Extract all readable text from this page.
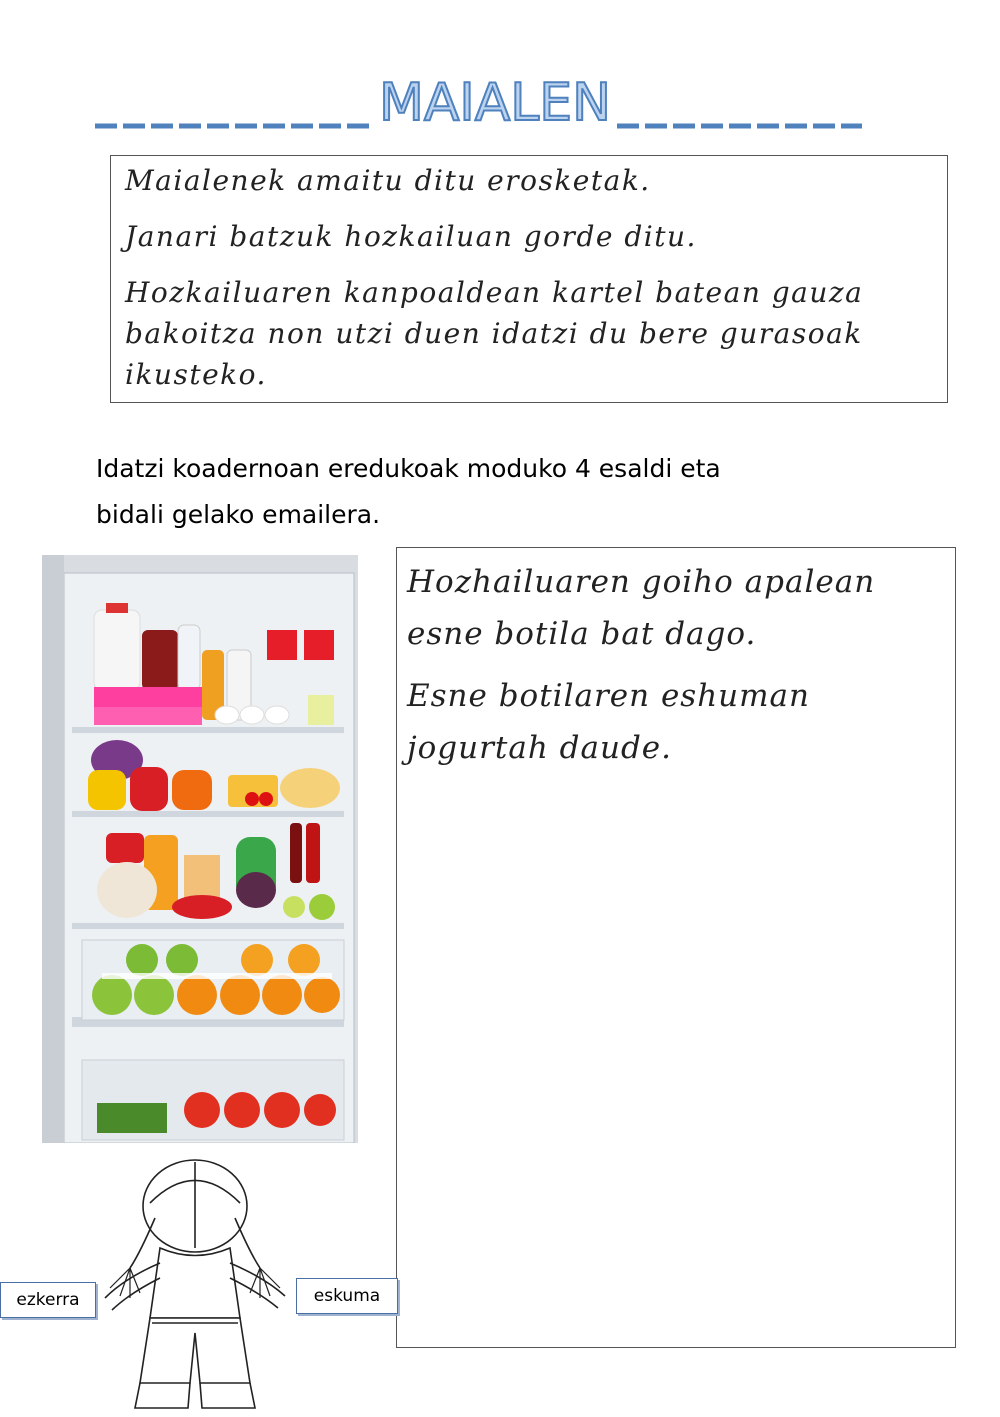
MAIALEN

Maialenek amaitu ditu erosketak.

Janari batzuk hozkailuan gorde ditu.

Hozkailuaren kanpoaldean kartel batean gauza bakoitza non utzi duen idatzi du bere gurasoak ikusteko.

Idatzi koadernoan eredukoak moduko 4 esaldi eta
bidali gelako emailera.

Hozhailuaren goiho apalean esne botila bat dago.

Esne botilaren eshuman jogurtah daude.

ezkerra	eskuma
